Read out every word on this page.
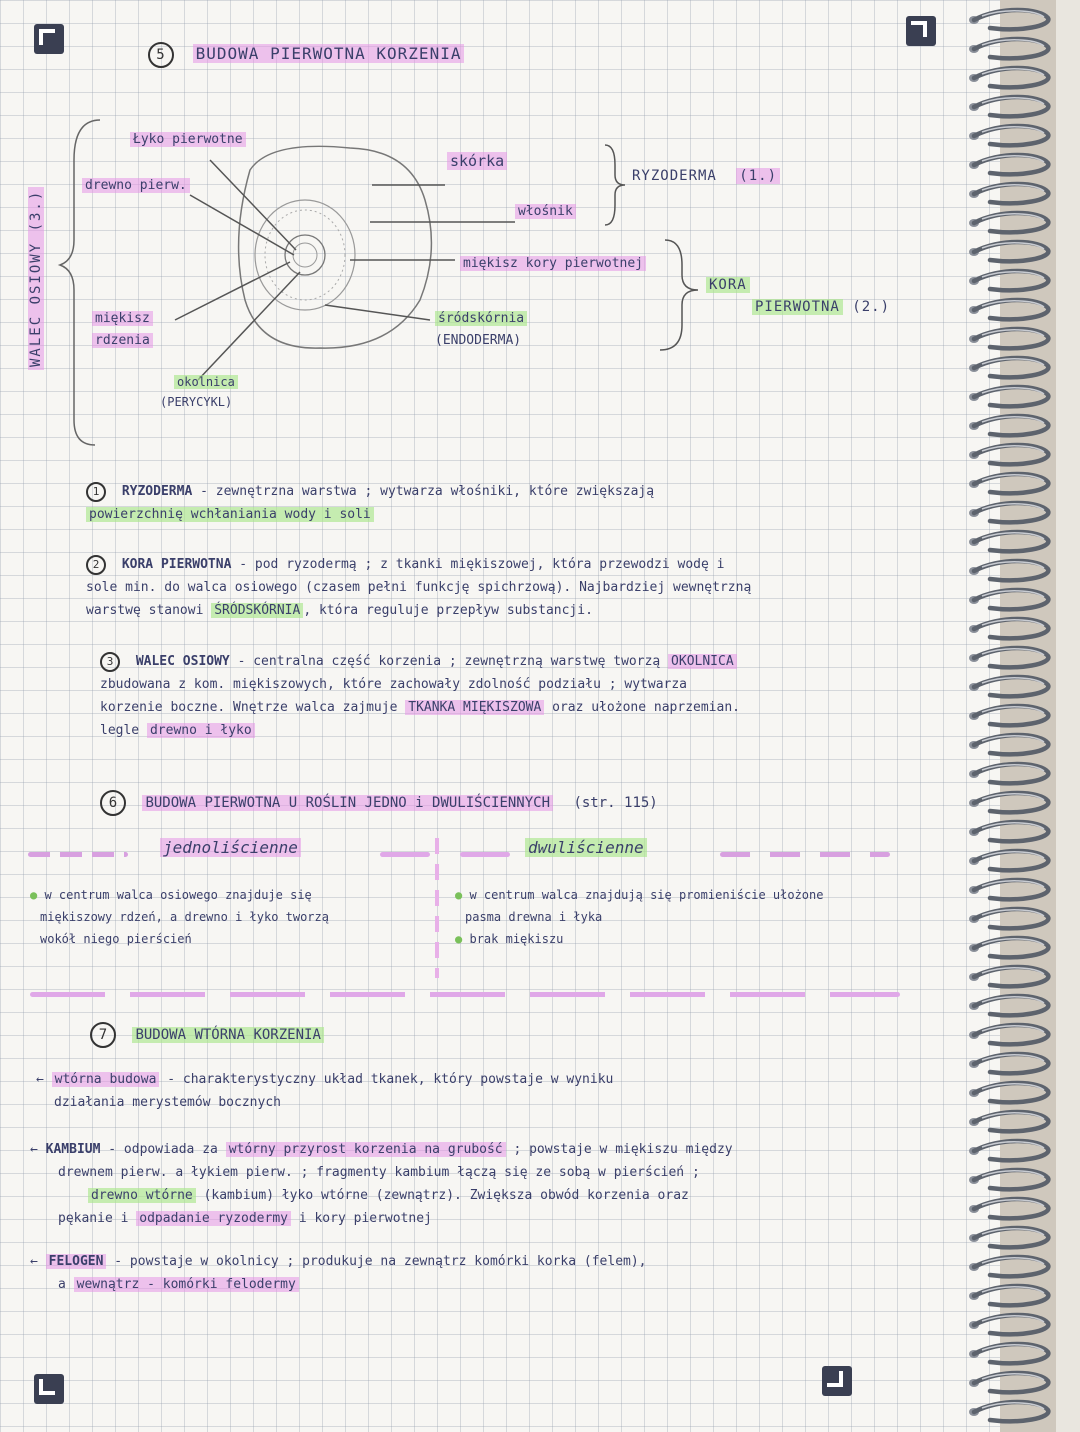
5 BUDOWA PIERWOTNA KORZENIA
WALEC OSIOWY (3.)
Łyko pierwotne
drewno pierw.
miękisz
rdzenia
okolnica
(PERYCYKL)
skórka
włośnik
miękisz kory pierwotnej
śródskórnia
(ENDODERMA)
RYZODERMA (1.)
KORA
PIERWOTNA (2.)
1 RYZODERMA - zewnętrzna warstwa ; wytwarza włośniki, które zwiększają
powierzchnię wchłaniania wody i soli
2 KORA PIERWOTNA - pod ryzodermą ; z tkanki miękiszowej, która przewodzi wodę i
sole min. do walca osiowego (czasem pełni funkcję spichrzową). Najbardziej wewnętrzną
warstwę stanowi ŚRÓDSKÓRNIA , która reguluje przepływ substancji.
3 WALEC OSIOWY - centralna część korzenia ; zewnętrzną warstwę tworzą OKOLNICA
zbudowana z kom. miękiszowych, które zachowały zdolność podziału ; wytwarza
korzenie boczne. Wnętrze walca zajmuje TKANKA MIĘKISZOWA oraz ułożone naprzemian.
legle drewno i łyko
6 BUDOWA PIERWOTNA U ROŚLIN JEDNO i DWULIŚCIENNYCH (str. 115)
jednoliścienne	dwuliścienne
● w centrum walca osiowego znajduje się
miękiszowy rdzeń, a drewno i łyko tworzą
wokół niego pierścień
● w centrum walca znajdują się promieniście ułożone
pasma drewna i łyka
● brak miękiszu
7 BUDOWA WTÓRNA KORZENIA
← wtórna budowa - charakterystyczny układ tkanek, który powstaje w wyniku
działania merystemów bocznych
← KAMBIUM - odpowiada za wtórny przyrost korzenia na grubość ; powstaje w miękiszu między
drewnem pierw. a łykiem pierw. ; fragmenty kambium łączą się ze sobą w pierścień ;
drewno wtórne (kambium) łyko wtórne (zewnątrz). Zwiększa obwód korzenia oraz
pękanie i odpadanie ryzodermy i kory pierwotnej
← FELOGEN - powstaje w okolnicy ; produkuje na zewnątrz komórki korka (felem),
a wewnątrz - komórki felodermy
